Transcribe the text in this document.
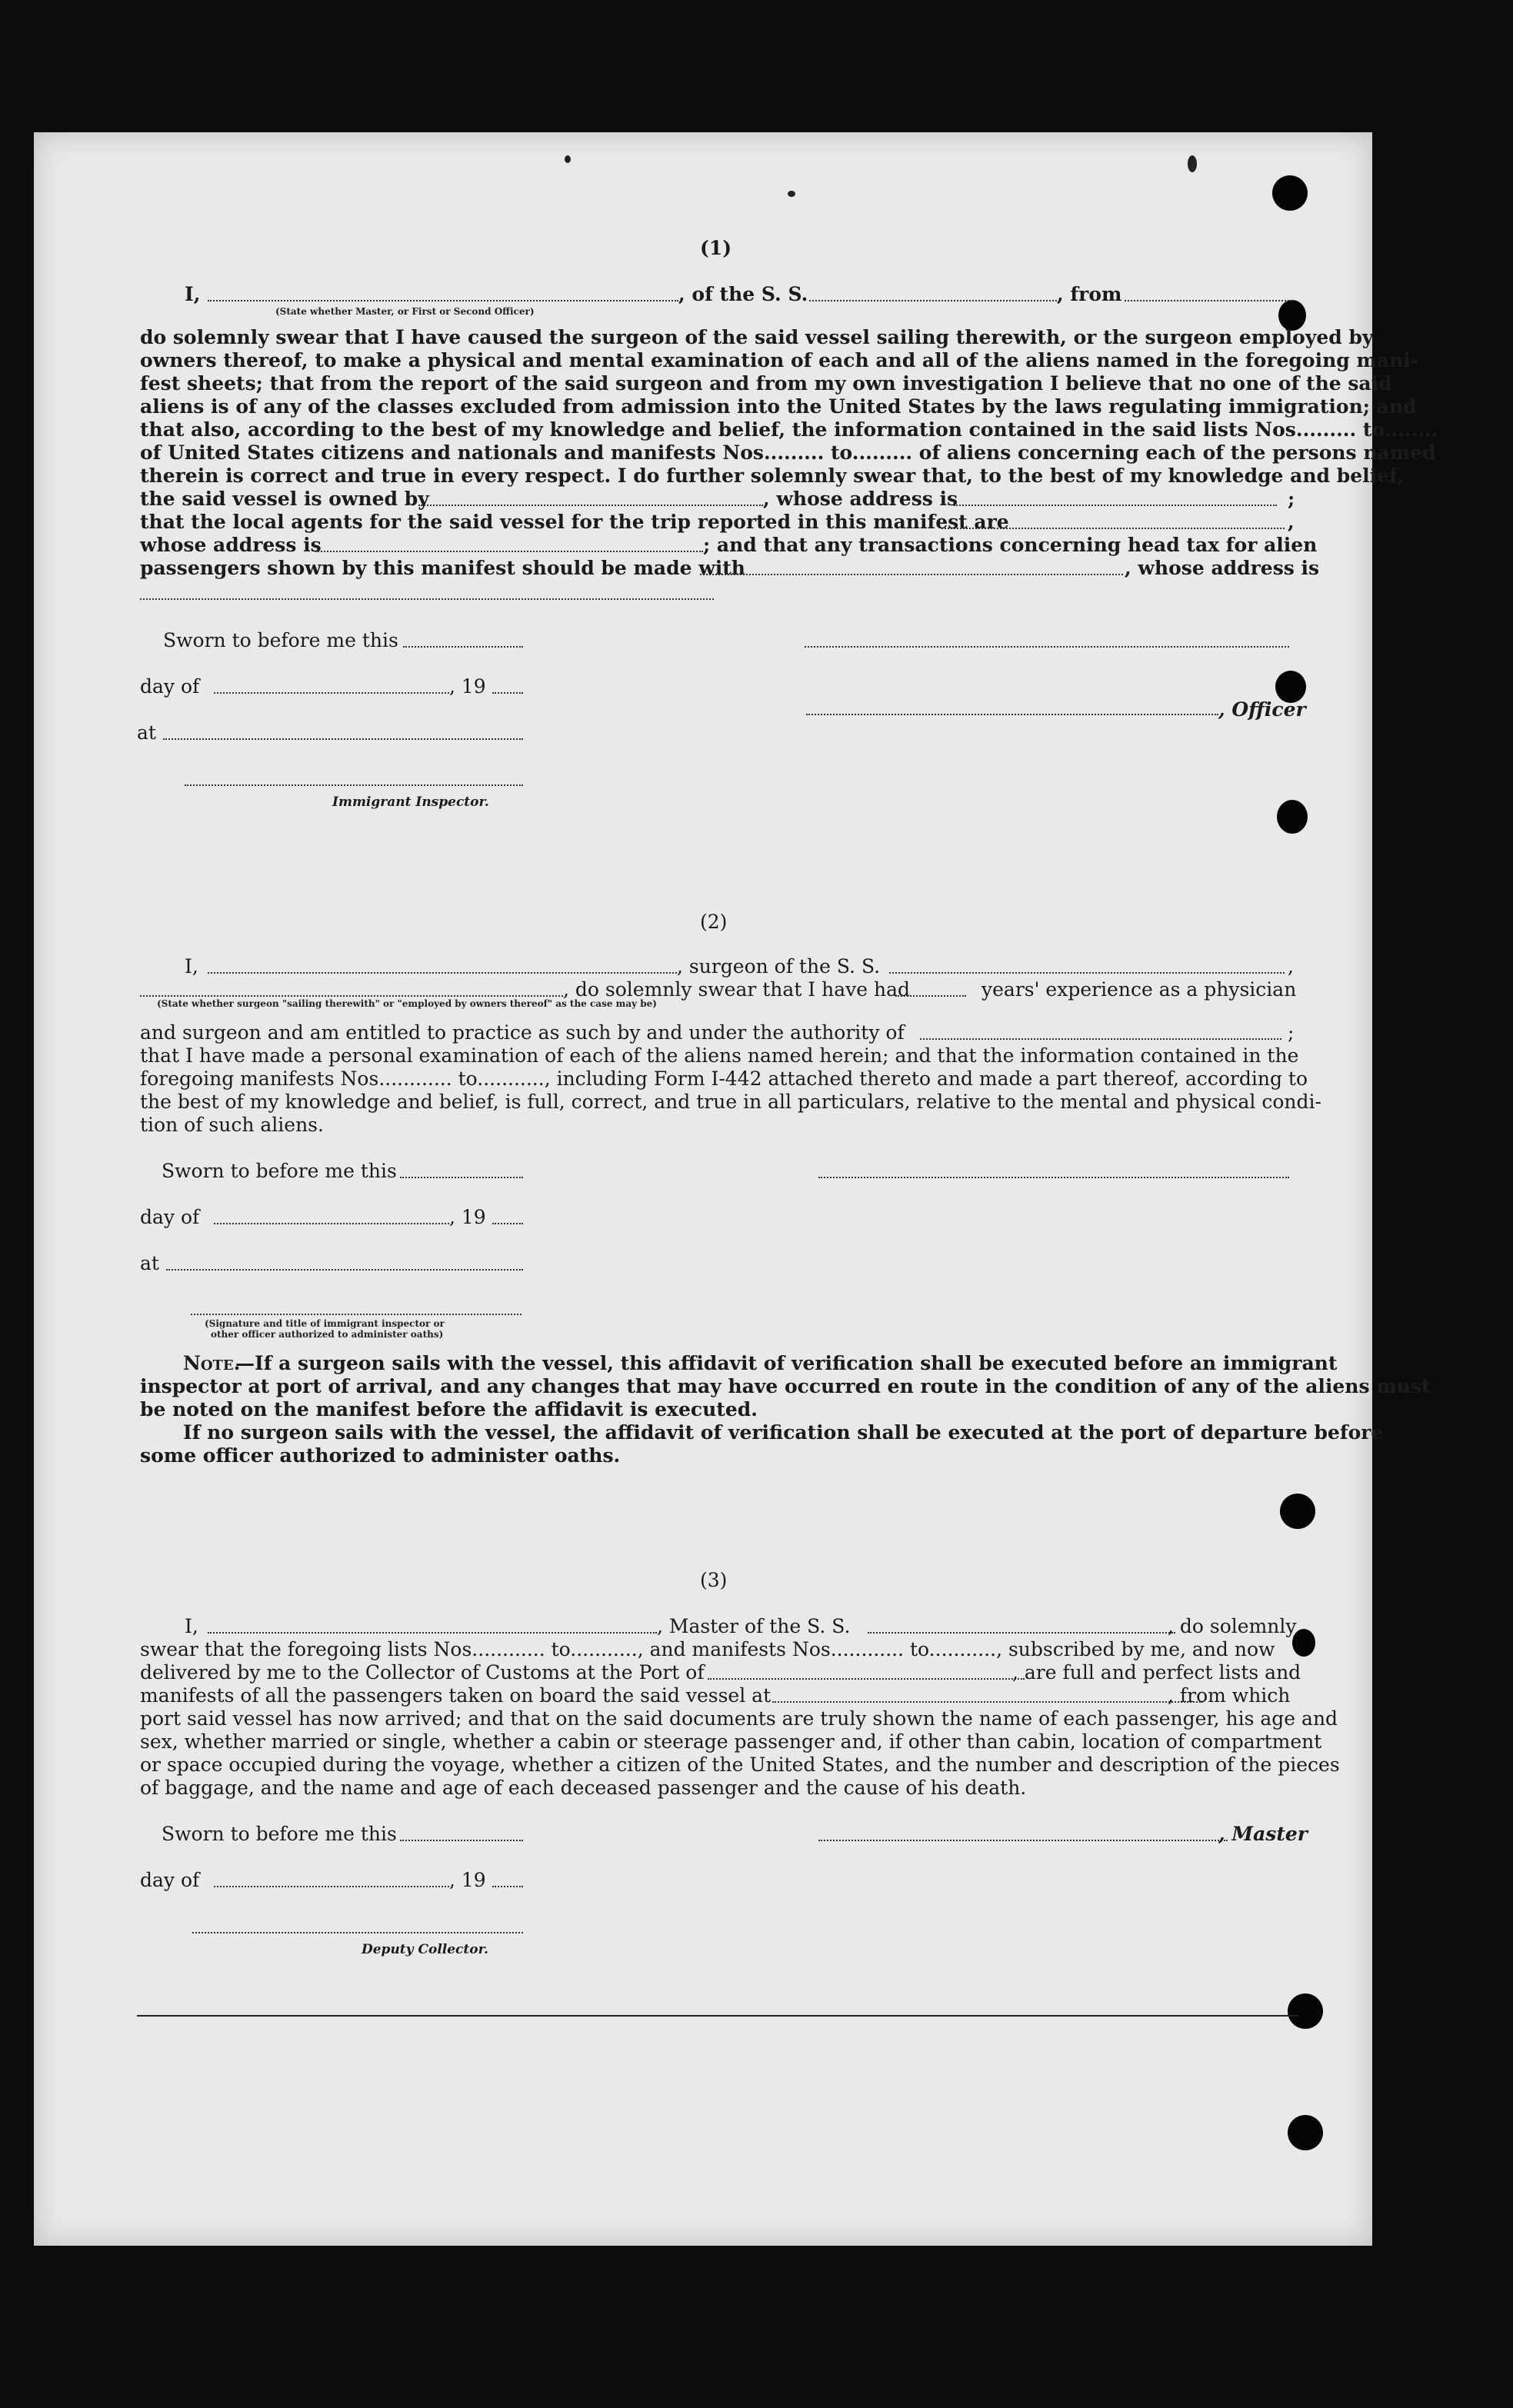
(1)
I,	, of the S. S.	, from
(State whether Master, or First or Second Officer)
do solemnly swear that I have caused the surgeon of the said vessel sailing therewith, or the surgeon employed by
owners thereof, to make a physical and mental examination of each and all of the aliens named in the foregoing mani-
fest sheets; that from the report of the said surgeon and from my own investigation I believe that no one of the said
aliens is of any of the classes excluded from admission into the United States by the laws regulating immigration; and
that also, according to the best of my knowledge and belief, the information contained in the said lists Nos......... to........
of United States citizens and nationals and manifests Nos......... to......... of aliens concerning each of the persons named
therein is correct and true in every respect. I do further solemnly swear that, to the best of my knowledge and belief,
the said vessel is owned by	, whose address is	;
that the local agents for the said vessel for the trip reported in this manifest are	,
whose address is	; and that any transactions concerning head tax for alien
passengers shown by this manifest should be made with	, whose address is
Sworn to before me this
day of	, 19
, Officer
at
Immigrant Inspector.
(2)
I,	, surgeon of the S. S.	,
, do solemnly swear that I have had	years' experience as a physician
(State whether surgeon "sailing therewith" or "employed by owners thereof" as the case may be)
and surgeon and am entitled to practice as such by and under the authority of	;
that I have made a personal examination of each of the aliens named herein; and that the information contained in the
foregoing manifests Nos............ to..........., including Form I-442 attached thereto and made a part thereof, according to
the best of my knowledge and belief, is full, correct, and true in all particulars, relative to the mental and physical condi-
tion of such aliens.
Sworn to before me this
day of	, 19
at
(Signature and title of immigrant inspector or
other officer authorized to administer oaths)
Note.
—If a surgeon sails with the vessel, this affidavit of verification shall be executed before an immigrant
inspector at port of arrival, and any changes that may have occurred en route in the condition of any of the aliens must
be noted on the manifest before the affidavit is executed.
If no surgeon sails with the vessel, the affidavit of verification shall be executed at the port of departure before
some officer authorized to administer oaths.
(3)
I,	, Master of the S. S.	, do solemnly
swear that the foregoing lists Nos............ to..........., and manifests Nos............ to..........., subscribed by me, and now
delivered by me to the Collector of Customs at the Port of	, are full and perfect lists and
manifests of all the passengers taken on board the said vessel at	, from which
port said vessel has now arrived; and that on the said documents are truly shown the name of each passenger, his age and
sex, whether married or single, whether a cabin or steerage passenger and, if other than cabin, location of compartment
or space occupied during the voyage, whether a citizen of the United States, and the number and description of the pieces
of baggage, and the name and age of each deceased passenger and the cause of his death.
Sworn to before me this	, Master
day of	, 19
Deputy Collector.
